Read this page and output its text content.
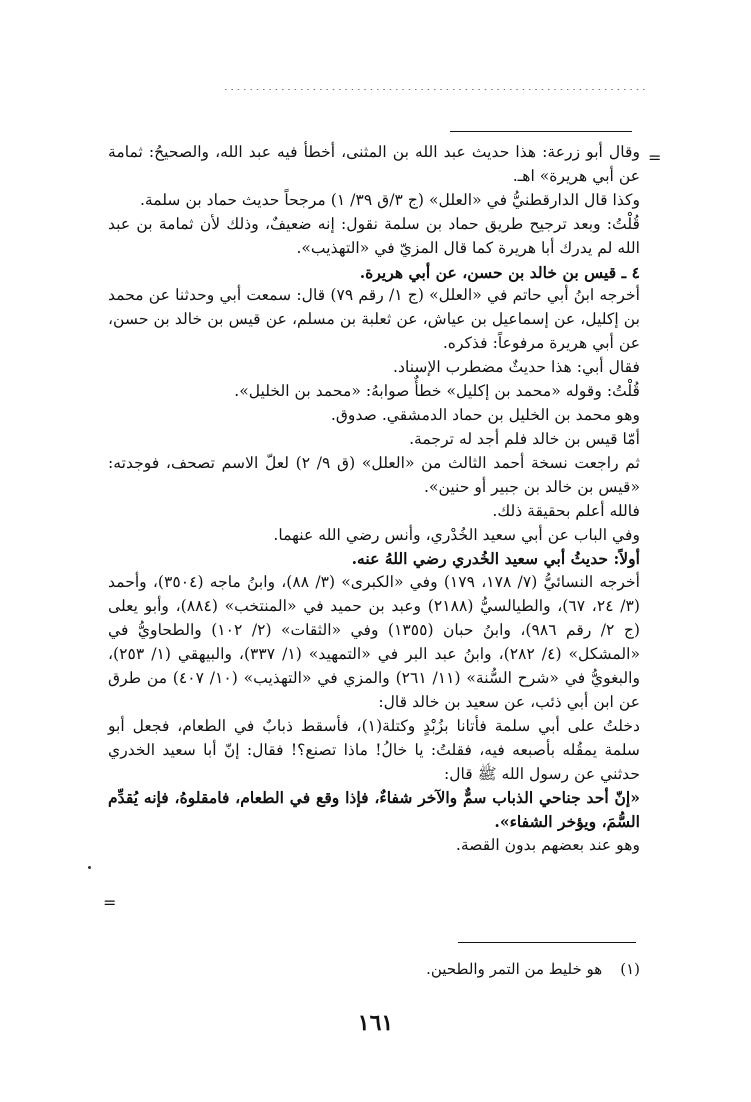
...................................................................
=

وقال أبو زرعة: هذا حديث عبد الله بن المثنى، أخطأ فيه عبد الله، والصحيحُ: ثمامة عن أبي هريرة» اهـ.

وكذا قال الدارقطنيُّ في «العلل» (ج ٣/ق ٣٩/ ١) مرجحاً حديث حماد بن سلمة.

قُلْتُ: وبعد ترجيح طريق حماد بن سلمة نقول: إنه ضعيفٌ، وذلك لأن ثمامة بن عبد الله لم يدرك أبا هريرة كما قال المزيّ في «التهذيب».

٤ ـ قيس بن خالد بن حسن، عن أبي هريرة.

أخرجه ابنُ أبي حاتم في «العلل» (ج ١/ رقم ٧٩) قال: سمعت أبي وحدثنا عن محمد بن إكليل، عن إسماعيل بن عياش، عن ثعلبة بن مسلم، عن قيس بن خالد بن حسن، عن أبي هريرة مرفوعاً: فذكره.

فقال أبي: هذا حديثٌ مضطرب الإسناد.

قُلْتُ: وقوله «محمد بن إكليل» خطأٌ صوابهُ: «محمد بن الخليل».

وهو محمد بن الخليل بن حماد الدمشقي. صدوق.

أمّا قيس بن خالد فلم أجد له ترجمة.

ثم راجعت نسخة أحمد الثالث من «العلل» (ق ٩/ ٢) لعلّ الاسم تصحف، فوجدته: «قيس بن خالد بن جبير أو حنين».

فالله أعلم بحقيقة ذلك.

وفي الباب عن أبي سعيد الخُدْري، وأنس رضي الله عنهما.

أولاً: حديثُ أبي سعيد الخُدري رضي اللهُ عنه.

أخرجه النسائيُّ (٧/ ١٧٨، ١٧٩) وفي «الكبرى» (٣/ ٨٨)، وابنُ ماجه (٣٥٠٤)، وأحمد (٣/ ٢٤، ٦٧)، والطيالسيُّ (٢١٨٨) وعبد بن حميد في «المنتخب» (٨٨٤)، وأبو يعلى (ج ٢/ رقم ٩٨٦)، وابنُ حبان (١٣٥٥) وفي «الثقات» (٢/ ١٠٢) والطحاويُّ في «المشكل» (٤/ ٢٨٢)، وابنُ عبد البر في «التمهيد» (١/ ٣٣٧)، والبيهقي (١/ ٢٥٣)، والبغويُّ في «شرح السُّنة» (١١/ ٢٦١) والمزي في «التهذيب» (١٠/ ٤٠٧) من طرق عن ابن أبي ذئب، عن سعيد بن خالد قال:

دخلتُ على أبي سلمة فأتانا بزُبْدٍ وكتلة(١)، فأسقط ذبابٌ في الطعام، فجعل أبو سلمة يمقُله بأصبعه فيه، فقلتُ: يا خالُ! ماذا تصنع؟! فقال: إنّ أبا سعيد الخدري حدثني عن رسول الله ﷺ قال:

«إنّ أحد جناحي الذباب سمٌّ والآخر شفاءٌ، فإذا وقع في الطعام، فامقلوهُ، فإنه يُقدِّم السُّمَ، ويؤخر الشفاء».

وهو عند بعضهم بدون القصة.

=
(١)هو خليط من التمر والطحين.
١٦١
